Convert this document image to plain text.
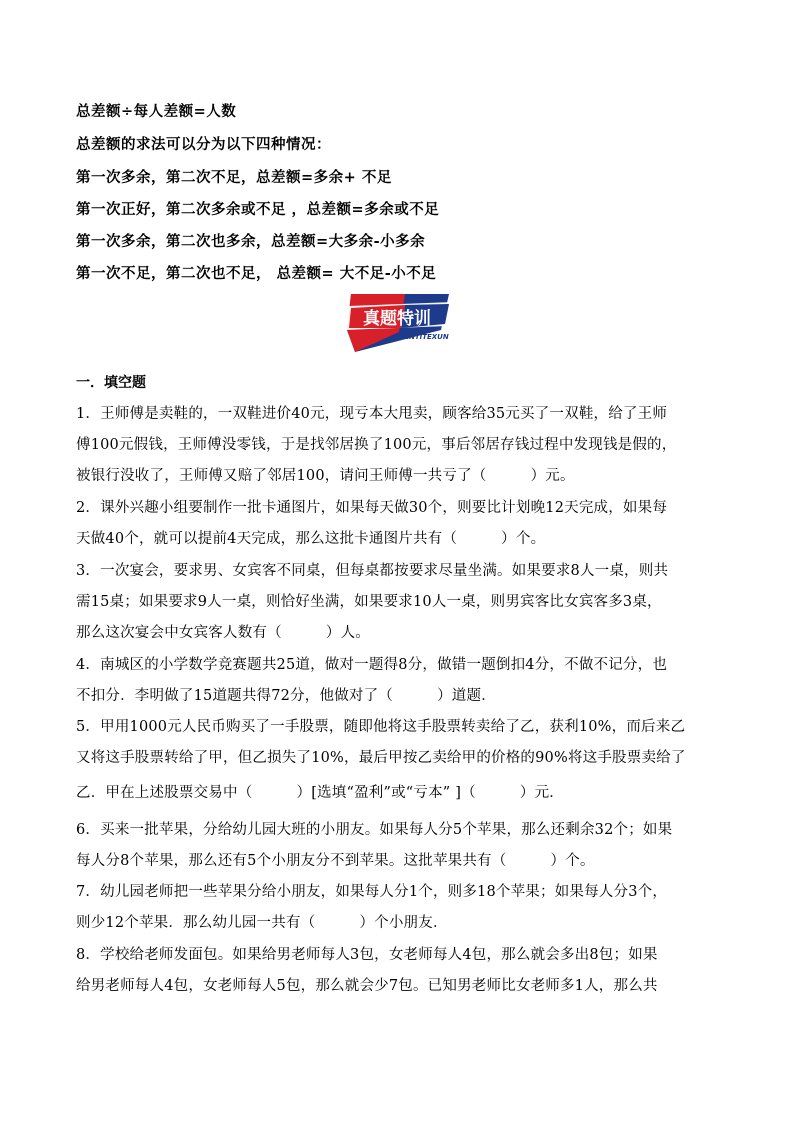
总差额÷每人差额=人数
总差额的求法可以分为以下四种情况：
第一次多余，第二次不足，总差额=多余+ 不足
第一次正好，第二次多余或不足 ，总差额=多余或不足
第一次多余，第二次也多余，总差额=大多余-小多余
第一次不足，第二次也不足， 总差额= 大不足-小不足
真题特训
ZHENTITEXUN
一．填空题

1．王师傅是卖鞋的，一双鞋进价40元，现亏本大甩卖，顾客给35元买了一双鞋，给了王师

傅100元假钱，王师傅没零钱，于是找邻居换了100元，事后邻居存钱过程中发现钱是假的，

被银行没收了，王师傅又赔了邻居100，请问王师傅一共亏了（　　　）元。

2．课外兴趣小组要制作一批卡通图片，如果每天做30个，则要比计划晚12天完成，如果每

天做40个，就可以提前4天完成，那么这批卡通图片共有（　　　）个。

3．一次宴会，要求男、女宾客不同桌，但每桌都按要求尽量坐满。如果要求8人一桌，则共

需15桌；如果要求9人一桌，则恰好坐满，如果要求10人一桌，则男宾客比女宾客多3桌，

那么这次宴会中女宾客人数有（　　　）人。

4．南城区的小学数学竞赛题共25道，做对一题得8分，做错一题倒扣4分，不做不记分，也

不扣分．李明做了15道题共得72分，他做对了（　　　）道题．

5．甲用1000元人民币购买了一手股票，随即他将这手股票转卖给了乙，获利10%，而后来乙

又将这手股票转给了甲，但乙损失了10%，最后甲按乙卖给甲的价格的90%将这手股票卖给了

乙．甲在上述股票交易中（　　　）[选填“盈利”或“亏本” ]（　　　）元．

6．买来一批苹果，分给幼儿园大班的小朋友。如果每人分5个苹果，那么还剩余32个；如果

每人分8个苹果，那么还有5个小朋友分不到苹果。这批苹果共有（　　　）个。

7．幼儿园老师把一些苹果分给小朋友，如果每人分1个，则多18个苹果；如果每人分3个，

则少12个苹果．那么幼儿园一共有（　　　）个小朋友．

8．学校给老师发面包。如果给男老师每人3包，女老师每人4包，那么就会多出8包；如果

给男老师每人4包，女老师每人5包，那么就会少7包。已知男老师比女老师多1人，那么共
